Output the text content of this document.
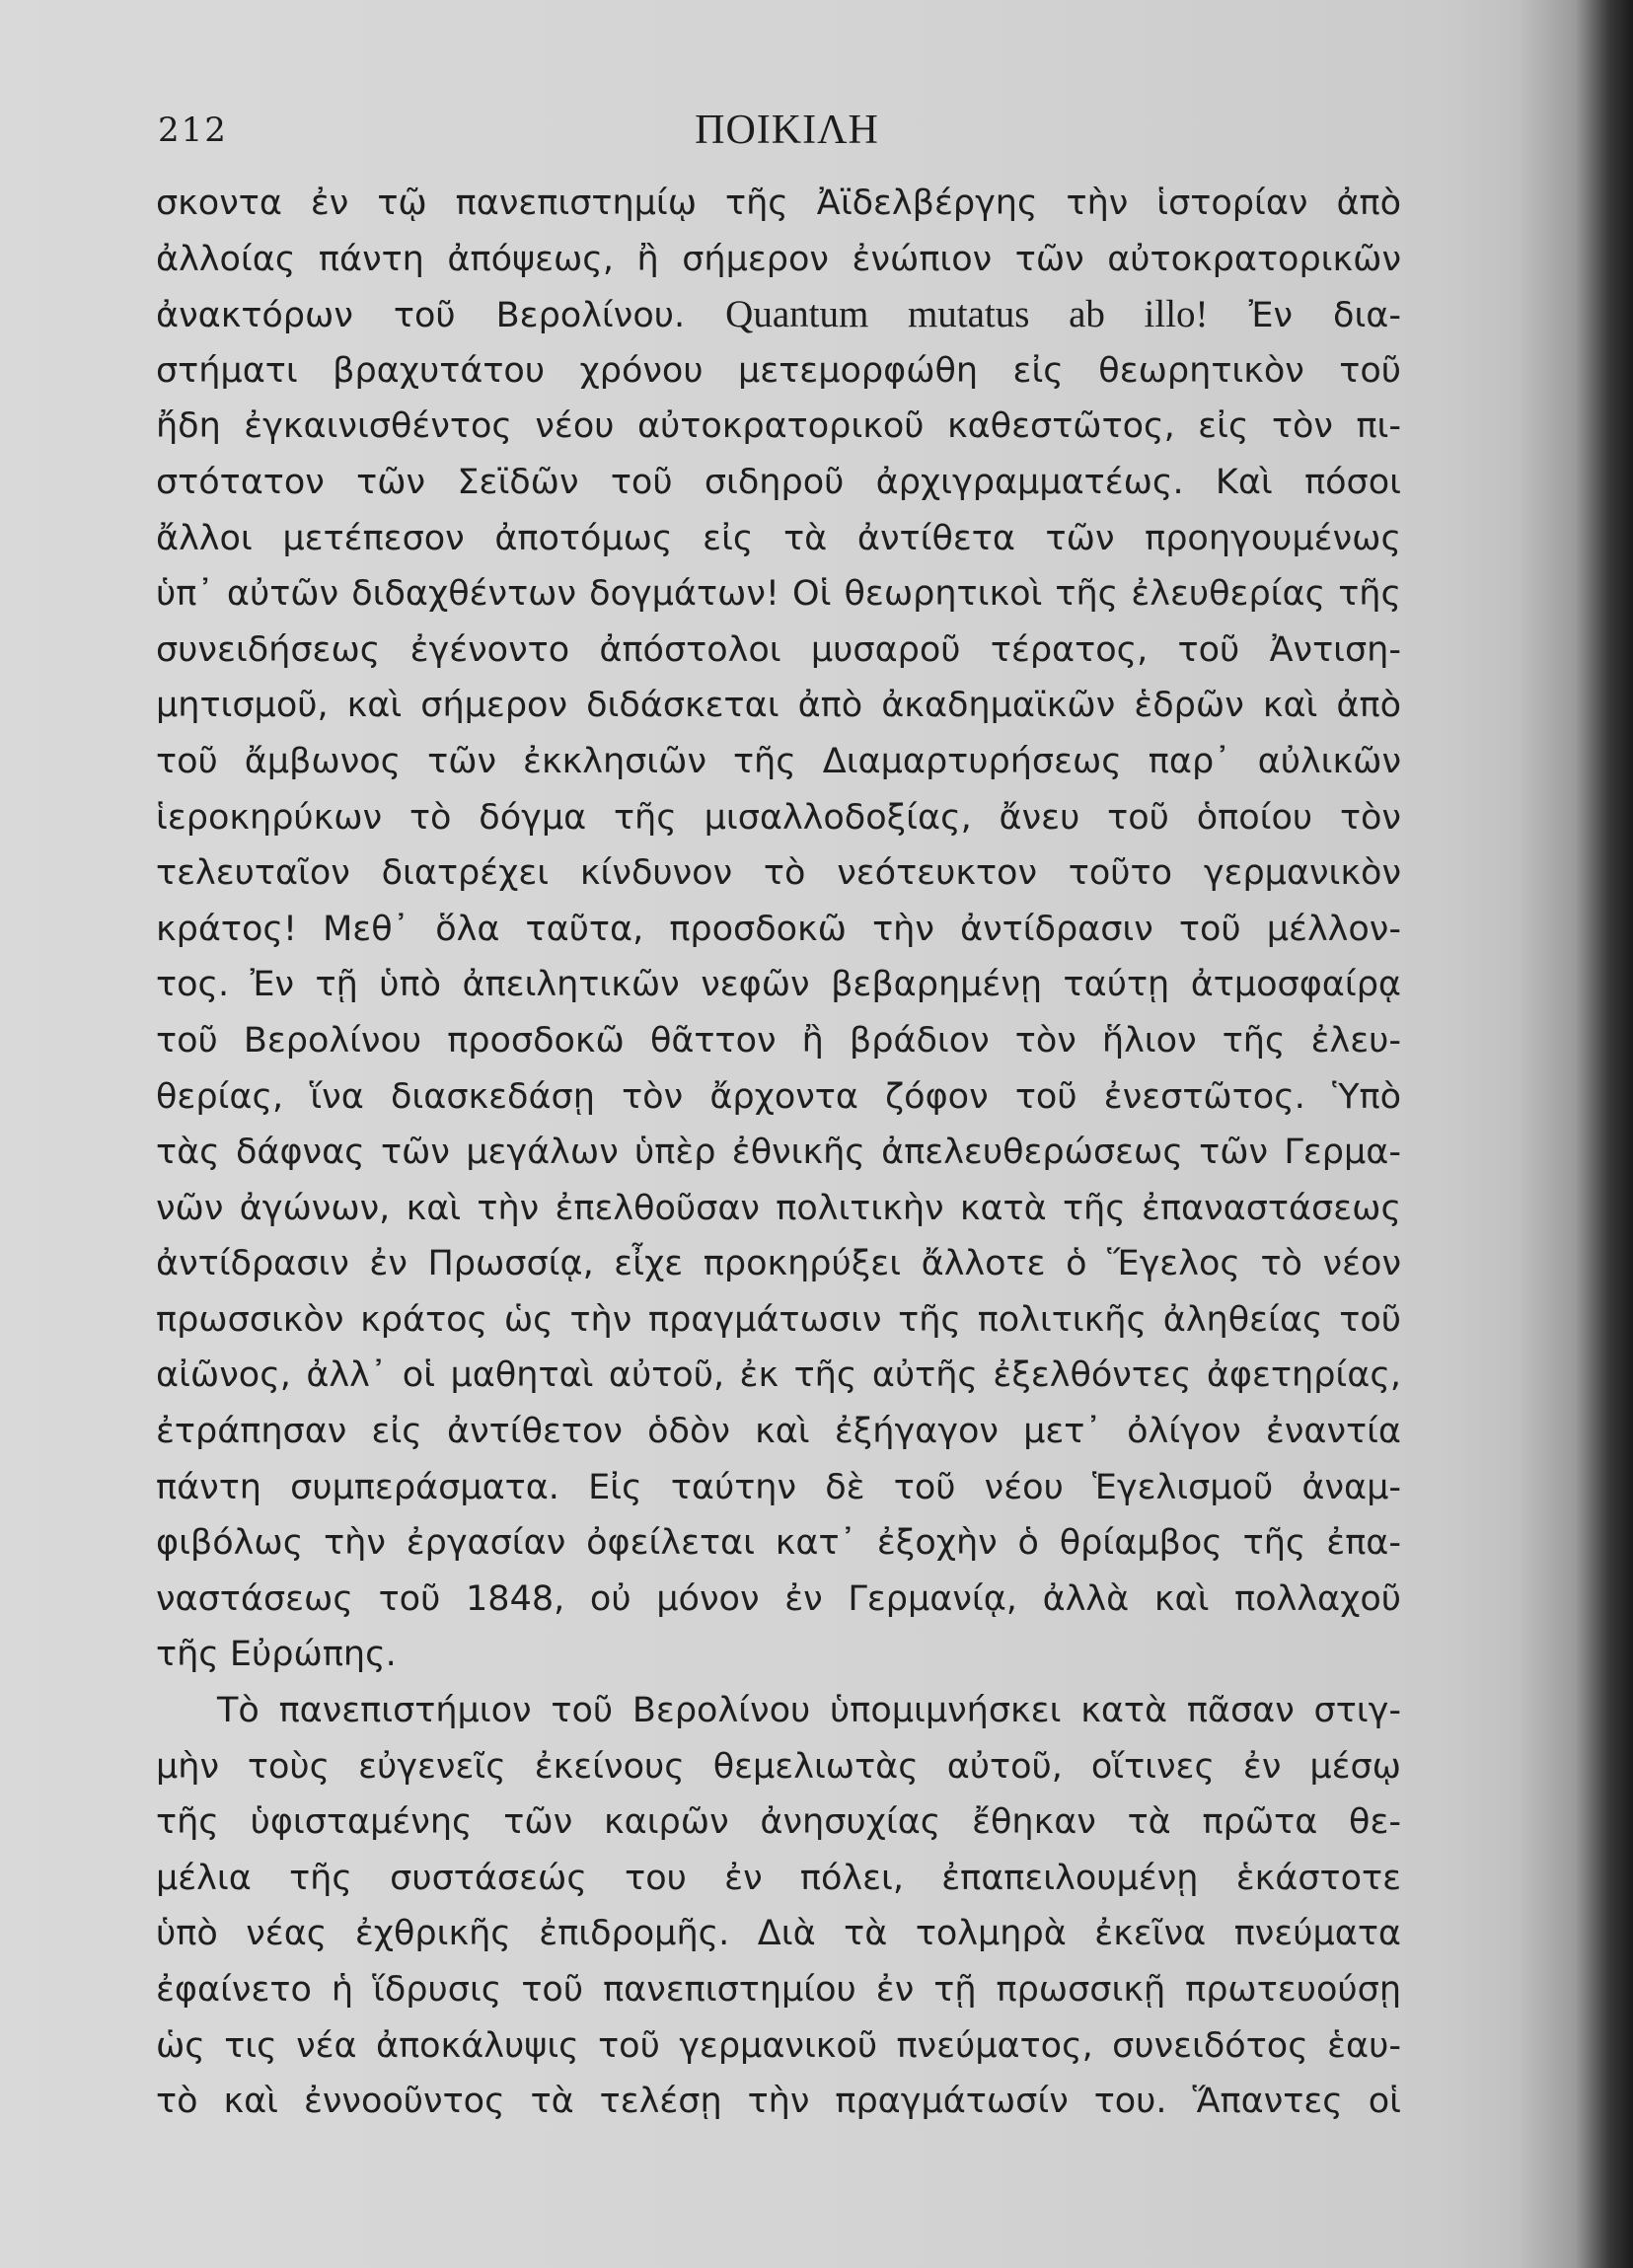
212	ΠΟΙΚΙΛΗ
σκοντα ἐν τῷ πανεπιστημίῳ τῆς Ἀϊδελβέργης τὴν ἱστορίαν ἀπὸ
ἀλλοίας πάντη ἀπόψεως, ἢ σήμερον ἐνώπιον τῶν αὐτοκρατορικῶν
ἀνακτόρων τοῦ Βερολίνου. Quantum mutatus ab illo! Ἐν δια-
στήματι βραχυτάτου χρόνου μετεμορφώθη εἰς θεωρητικὸν τοῦ
ἤδη ἐγκαινισθέντος νέου αὐτοκρατορικοῦ καθεστῶτος, εἰς τὸν πι-
στότατον τῶν Σεϊδῶν τοῦ σιδηροῦ ἀρχιγραμματέως. Καὶ πόσοι
ἄλλοι μετέπεσον ἀποτόμως εἰς τὰ ἀντίθετα τῶν προηγουμένως
ὑπ᾽ αὐτῶν διδαχθέντων δογμάτων! Οἱ θεωρητικοὶ τῆς ἐλευθερίας τῆς
συνειδήσεως ἐγένοντο ἀπόστολοι μυσαροῦ τέρατος, τοῦ Ἀντιση-
μητισμοῦ, καὶ σήμερον διδάσκεται ἀπὸ ἀκαδημαϊκῶν ἑδρῶν καὶ ἀπὸ
τοῦ ἄμβωνος τῶν ἐκκλησιῶν τῆς Διαμαρτυρήσεως παρ᾽ αὐλικῶν
ἱεροκηρύκων τὸ δόγμα τῆς μισαλλοδοξίας, ἄνευ τοῦ ὁποίου τὸν
τελευταῖον διατρέχει κίνδυνον τὸ νεότευκτον τοῦτο γερμανικὸν
κράτος! Μεθ᾽ ὅλα ταῦτα, προσδοκῶ τὴν ἀντίδρασιν τοῦ μέλλον-
τος. Ἐν τῇ ὑπὸ ἀπειλητικῶν νεφῶν βεβαρημένῃ ταύτῃ ἀτμοσφαίρᾳ
τοῦ Βερολίνου προσδοκῶ θᾶττον ἢ βράδιον τὸν ἥλιον τῆς ἐλευ-
θερίας, ἵνα διασκεδάσῃ τὸν ἄρχοντα ζόφον τοῦ ἐνεστῶτος. Ὑπὸ
τὰς δάφνας τῶν μεγάλων ὑπὲρ ἐθνικῆς ἀπελευθερώσεως τῶν Γερμα-
νῶν ἀγώνων, καὶ τὴν ἐπελθοῦσαν πολιτικὴν κατὰ τῆς ἐπαναστάσεως
ἀντίδρασιν ἐν Πρωσσίᾳ, εἶχε προκηρύξει ἄλλοτε ὁ Ἕγελος τὸ νέον
πρωσσικὸν κράτος ὡς τὴν πραγμάτωσιν τῆς πολιτικῆς ἀληθείας τοῦ
αἰῶνος, ἀλλ᾽ οἱ μαθηταὶ αὐτοῦ, ἐκ τῆς αὐτῆς ἐξελθόντες ἀφετηρίας,
ἐτράπησαν εἰς ἀντίθετον ὁδὸν καὶ ἐξήγαγον μετ᾽ ὀλίγον ἐναντία
πάντη συμπεράσματα. Εἰς ταύτην δὲ τοῦ νέου Ἑγελισμοῦ ἀναμ-
φιβόλως τὴν ἐργασίαν ὀφείλεται κατ᾽ ἐξοχὴν ὁ θρίαμβος τῆς ἐπα-
ναστάσεως τοῦ 1848, οὐ μόνον ἐν Γερμανίᾳ, ἀλλὰ καὶ πολλαχοῦ
τῆς Εὐρώπης.
Τὸ πανεπιστήμιον τοῦ Βερολίνου ὑπομιμνήσκει κατὰ πᾶσαν στιγ-
μὴν τοὺς εὐγενεῖς ἐκείνους θεμελιωτὰς αὐτοῦ, οἵτινες ἐν μέσῳ
τῆς ὑφισταμένης τῶν καιρῶν ἀνησυχίας ἔθηκαν τὰ πρῶτα θε-
μέλια τῆς συστάσεώς του ἐν πόλει, ἐπαπειλουμένῃ ἑκάστοτε
ὑπὸ νέας ἐχθρικῆς ἐπιδρομῆς. Διὰ τὰ τολμηρὰ ἐκεῖνα πνεύματα
ἐφαίνετο ἡ ἵδρυσις τοῦ πανεπιστημίου ἐν τῇ πρωσσικῇ πρωτευούσῃ
ὡς τις νέα ἀποκάλυψις τοῦ γερμανικοῦ πνεύματος, συνειδότος ἑαυ-
τὸ καὶ ἐννοοῦντος τὰ τελέσῃ τὴν πραγμάτωσίν του. Ἅπαντες οἱ
